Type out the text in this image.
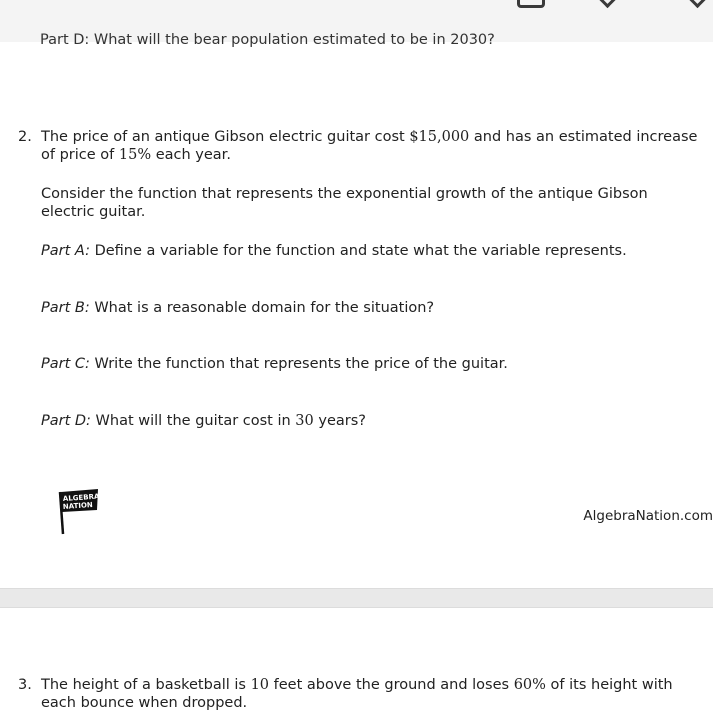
Part D: What will the bear population estimated to be in 2030?
2. The price of an antique Gibson electric guitar cost $15,000 and has an estimated increase of price of 15% each year.
Consider the function that represents the exponential growth of the antique Gibson electric guitar.
Part A: Define a variable for the function and state what the variable represents.
Part B: What is a reasonable domain for the situation?
Part C: Write the function that represents the price of the guitar.
Part D: What will the guitar cost in 30 years?
ALGEBRA
NATION
AlgebraNation.com
3. The height of a basketball is 10 feet above the ground and loses 60% of its height with each bounce when dropped.
